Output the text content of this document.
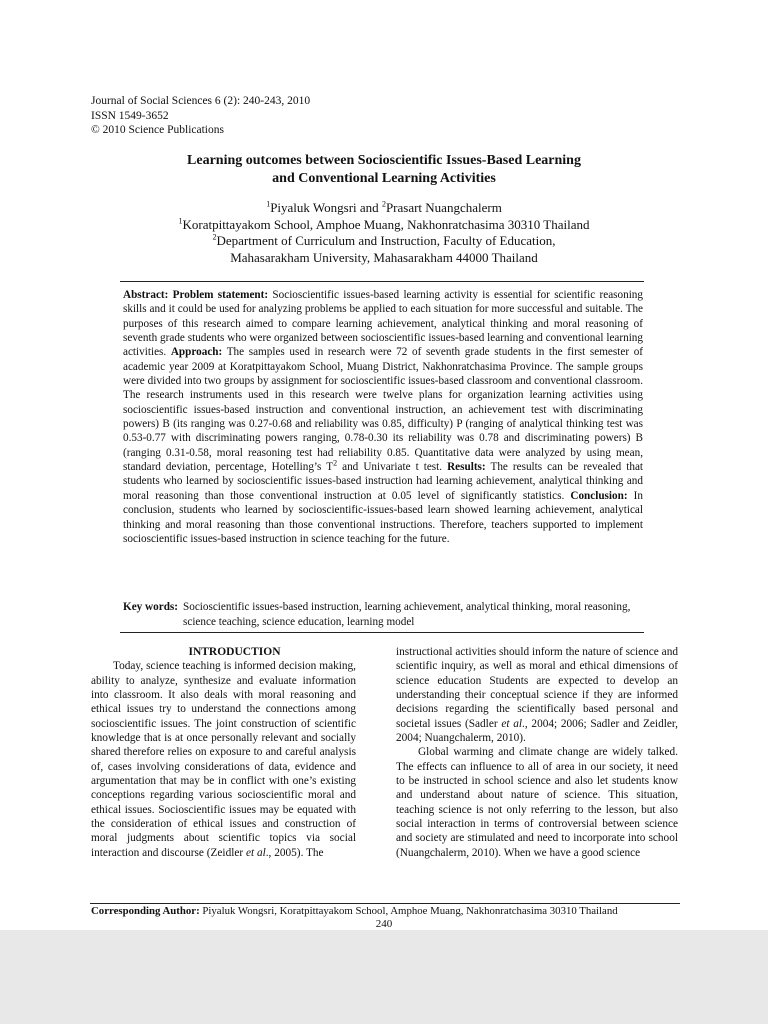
Journal of Social Sciences 6 (2): 240-243, 2010
ISSN 1549-3652
© 2010 Science Publications
Learning outcomes between Socioscientific Issues-Based Learning
and Conventional Learning Activities
$^1$Piyaluk Wongsri and $^2$Prasart Nuangchalerm
$^1$Koratpittayakom School, Amphoe Muang, Nakhonratchasima 30310 Thailand
$^2$Department of Curriculum and Instruction, Faculty of Education,
Mahasarakham University, Mahasarakham 44000 Thailand
Abstract: Problem statement: Socioscientific issues-based learning activity is essential for scientific reasoning skills and it could be used for analyzing problems be applied to each situation for more successful and suitable. The purposes of this research aimed to compare learning achievement, analytical thinking and moral reasoning of seventh grade students who were organized between socioscientific issues-based learning and conventional learning activities. Approach: The samples used in research were 72 of seventh grade students in the first semester of academic year 2009 at Koratpittayakom School, Muang District, Nakhonratchasima Province. The sample groups were divided into two groups by assignment for socioscientific issues-based classroom and conventional classroom. The research instruments used in this research were twelve plans for organization learning activities using socioscientific issues-based instruction and conventional instruction, an achievement test with discriminating powers) B (its ranging was 0.27-0.68 and reliability was 0.85, difficulty) P (ranging of analytical thinking test was 0.53-0.77 with discriminating powers ranging, 0.78-0.30 its reliability was 0.78 and discriminating powers) B (ranging 0.31-0.58, moral reasoning test had reliability 0.85. Quantitative data were analyzed by using mean, standard deviation, percentage, Hotelling’s $T^2$ and Univariate t test. Results: The results can be revealed that students who learned by socioscientific issues-based instruction had learning achievement, analytical thinking and moral reasoning than those conventional instruction at 0.05 level of significantly statistics. Conclusion: In conclusion, students who learned by socioscientific-issues-based learn showed learning achievement, analytical thinking and moral reasoning than those conventional instructions. Therefore, teachers supported to implement socioscientific issues-based instruction in science teaching for the future.
Key words: Socioscientific issues-based instruction, learning achievement, analytical thinking, moral reasoning, science teaching, science education, learning model

INTRODUCTION

Today, science teaching is informed decision making, ability to analyze, synthesize and evaluate information into classroom. It also deals with moral reasoning and ethical issues try to understand the connections among socioscientific issues. The joint construction of scientific knowledge that is at once personally relevant and socially shared therefore relies on exposure to and careful analysis of, cases involving considerations of data, evidence and argumentation that may be in conflict with one’s existing conceptions regarding various socioscientific moral and ethical issues. Socioscientific issues may be equated with the consideration of ethical issues and construction of moral judgments about scientific topics via social interaction and discourse (Zeidler et al., 2005). The

instructional activities should inform the nature of science and scientific inquiry, as well as moral and ethical dimensions of science education Students are expected to develop an understanding their conceptual science if they are informed decisions regarding the scientifically based personal and societal issues (Sadler et al., 2004; 2006; Sadler and Zeidler, 2004; Nuangchalerm, 2010).

Global warming and climate change are widely talked. The effects can influence to all of area in our society, it need to be instructed in school science and also let students know and understand about nature of science. This situation, teaching science is not only referring to the lesson, but also social interaction in terms of controversial between science and society are stimulated and need to incorporate into school (Nuangchalerm, 2010). When we have a good science

Corresponding Author: Piyaluk Wongsri, Koratpittayakom School, Amphoe Muang, Nakhonratchasima 30310 Thailand
240
